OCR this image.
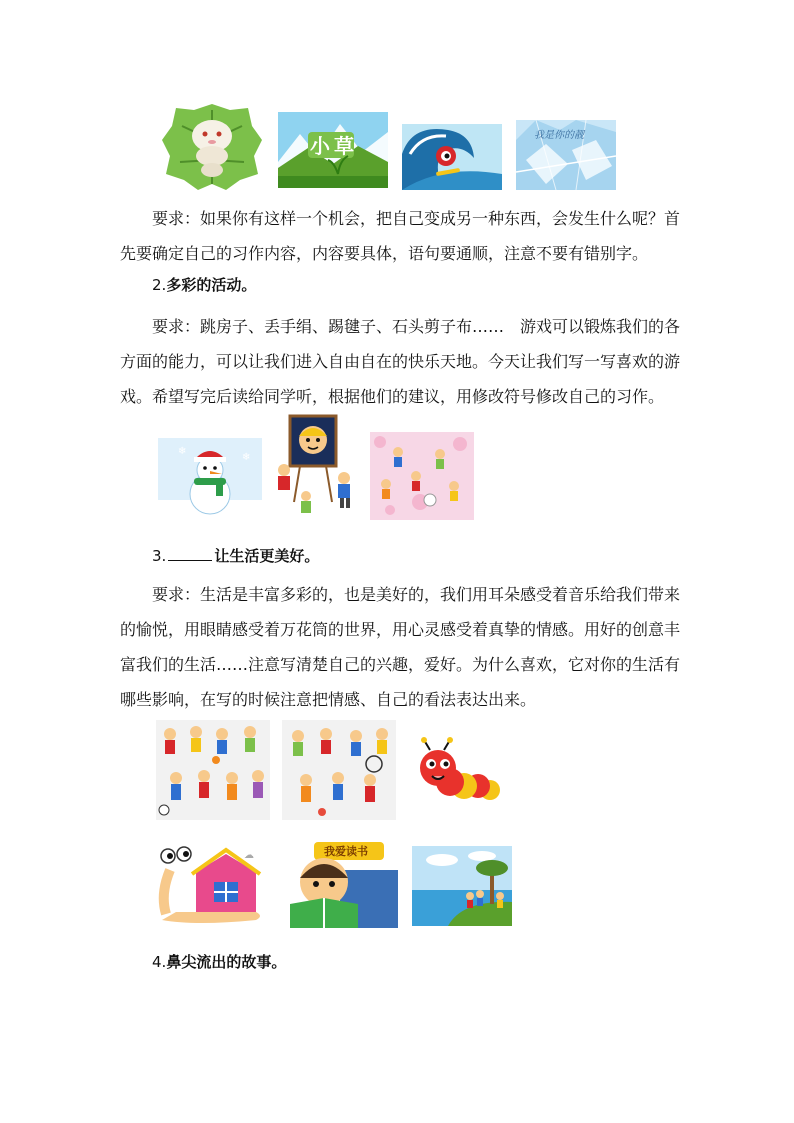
小草	我是你的靓

要求：如果你有这样一个机会，把自己变成另一种东西，会发生什么呢？首先要确定自己的习作内容，内容要具体，语句要通顺，注意不要有错别字。

2.多彩的活动。

要求：跳房子、丢手绢、踢毽子、石头剪子布……　游戏可以锻炼我们的各方面的能力，可以让我们进入自由自在的快乐天地。今天让我们写一写喜欢的游戏。希望写完后读给同学听，根据他们的建议，用修改符号修改自己的习作。

❄
❄

3.	让生活更美好。

要求：生活是丰富多彩的，也是美好的，我们用耳朵感受着音乐给我们带来的愉悦，用眼睛感受着万花筒的世界，用心灵感受着真挚的情感。用好的创意丰富我们的生活……注意写清楚自己的兴趣，爱好。为什么喜欢，它对你的生活有哪些影响，在写的时候注意把情感、自己的看法表达出来。

☁	我爱读书

4.鼻尖流出的故事。
